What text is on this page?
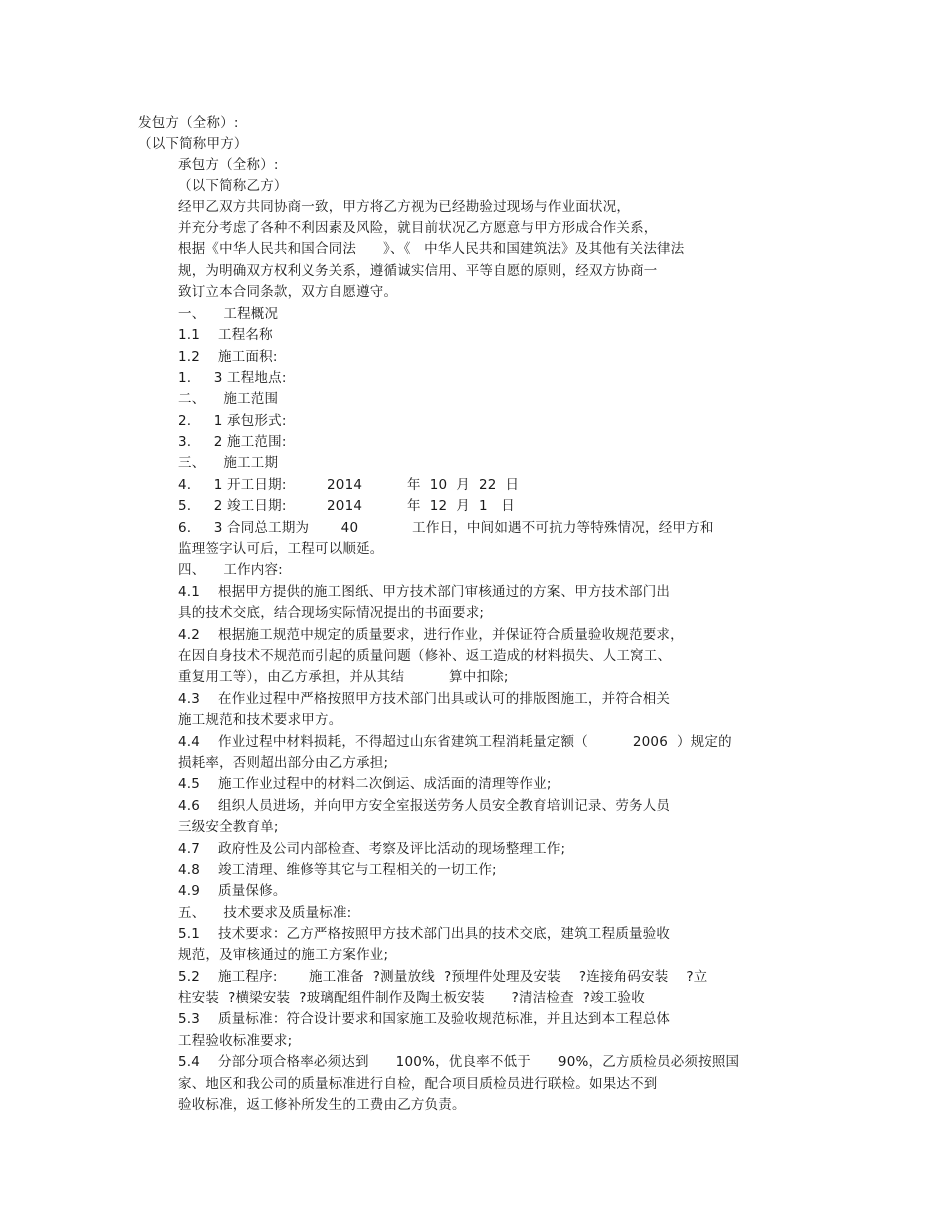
发包方（全称）:
（以下简称甲方）
承包方（全称）:
（以下简称乙方）
经甲乙双方共同协商一致，甲方将乙方视为已经勘验过现场与作业面状况，
并充分考虑了各种不利因素及风险，就目前状况乙方愿意与甲方形成合作关系，
根据《中华人民共和国合同法      》、《   中华人民共和国建筑法》及其他有关法律法
规，为明确双方权利义务关系，遵循诚实信用、平等自愿的原则，经双方协商一
致订立本合同条款，双方自愿遵守。
一、    工程概况
1.1    工程名称
1.2    施工面积:
1.     3 工程地点:
二、    施工范围
2.     1 承包形式:
3.     2 施工范围:
三、    施工工期
4.     1 开工日期:         2014          年  10  月  22  日
5.     2 竣工日期:         2014          年  12  月  1   日
6.     3 合同总工期为       40            工作日，中间如遇不可抗力等特殊情况，经甲方和
监理签字认可后，工程可以顺延。
四、    工作内容:
4.1    根据甲方提供的施工图纸、甲方技术部门审核通过的方案、甲方技术部门出
具的技术交底，结合现场实际情况提出的书面要求;
4.2    根据施工规范中规定的质量要求，进行作业，并保证符合质量验收规范要求，
在因自身技术不规范而引起的质量问题（修补、返工造成的材料损失、人工窝工、
重复用工等），由乙方承担，并从其结          算中扣除;
4.3    在作业过程中严格按照甲方技术部门出具或认可的排版图施工，并符合相关
施工规范和技术要求甲方。
4.4    作业过程中材料损耗，不得超过山东省建筑工程消耗量定额（          2006  ）规定的
损耗率，否则超出部分由乙方承担;
4.5    施工作业过程中的材料二次倒运、成活面的清理等作业;
4.6    组织人员进场，并向甲方安全室报送劳务人员安全教育培训记录、劳务人员
三级安全教育单;
4.7    政府性及公司内部检查、考察及评比活动的现场整理工作;
4.8    竣工清理、维修等其它与工程相关的一切工作;
4.9    质量保修。
五、    技术要求及质量标准:
5.1    技术要求：乙方严格按照甲方技术部门出具的技术交底，建筑工程质量验收
规范，及审核通过的施工方案作业;
5.2    施工程序:       施工准备  ?测量放线  ?预埋件处理及安装    ?连接角码安装    ?立
柱安装  ?横梁安装  ?玻璃配组件制作及陶土板安装      ?清洁检查  ?竣工验收
5.3    质量标准：符合设计要求和国家施工及验收规范标准，并且达到本工程总体
工程验收标准要求;
5.4    分部分项合格率必须达到      100%，优良率不低于      90%，乙方质检员必须按照国
家、地区和我公司的质量标准进行自检，配合项目质检员进行联检。如果达不到
验收标准，返工修补所发生的工费由乙方负责。
